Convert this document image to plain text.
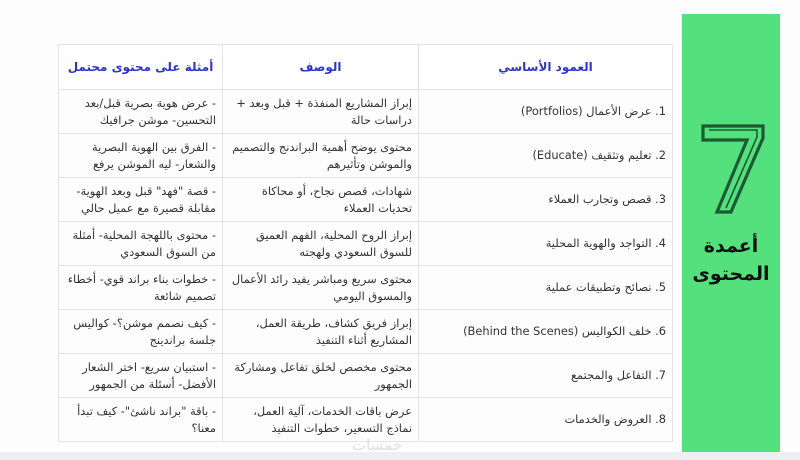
أعمدة
المحتوى
العمود الأساسي	الوصف	أمثلة على محتوى محتمل
1. عرض الأعمال (Portfolios)	إبراز المشاريع المنفذة + قبل وبعد + دراسات حالة	- عرض هوية بصرية قبل/بعد التحسين- موشن جرافيك
2. تعليم وتثقيف (Educate)	محتوى يوضح أهمية البراندنج والتصميم والموشن وتأثيرهم	- الفرق بين الهوية البصرية والشعار- ليه الموشن يرفع
3. قصص وتجارب العملاء	شهادات، قصص نجاح، أو محاكاة تحديات العملاء	- قصة "فهد" قبل وبعد الهوية- مقابلة قصيرة مع عميل حالي
4. التواجد والهوية المحلية	إبراز الروح المحلية، الفهم العميق للسوق السعودي ولهجته	- محتوى باللهجة المحلية- أمثلة من السوق السعودي
5. نصائح وتطبيقات عملية	محتوى سريع ومباشر يفيد رائد الأعمال والمسوق اليومي	- خطوات بناء براند قوي- أخطاء تصميم شائعة
6. خلف الكواليس (Behind the Scenes)	إبراز فريق كشاف، طريقة العمل، المشاريع أثناء التنفيذ	- كيف نصمم موشن؟- كواليس جلسة براندينج
7. التفاعل والمجتمع	محتوى مخصص لخلق تفاعل ومشاركة الجمهور	- استبيان سريع- اختر الشعار الأفضل- أسئلة من الجمهور
8. العروض والخدمات	عرض باقات الخدمات، آلية العمل، نماذج التسعير، خطوات التنفيذ	- باقة "براند ناشئ"- كيف تبدأ معنا؟
خمسات
